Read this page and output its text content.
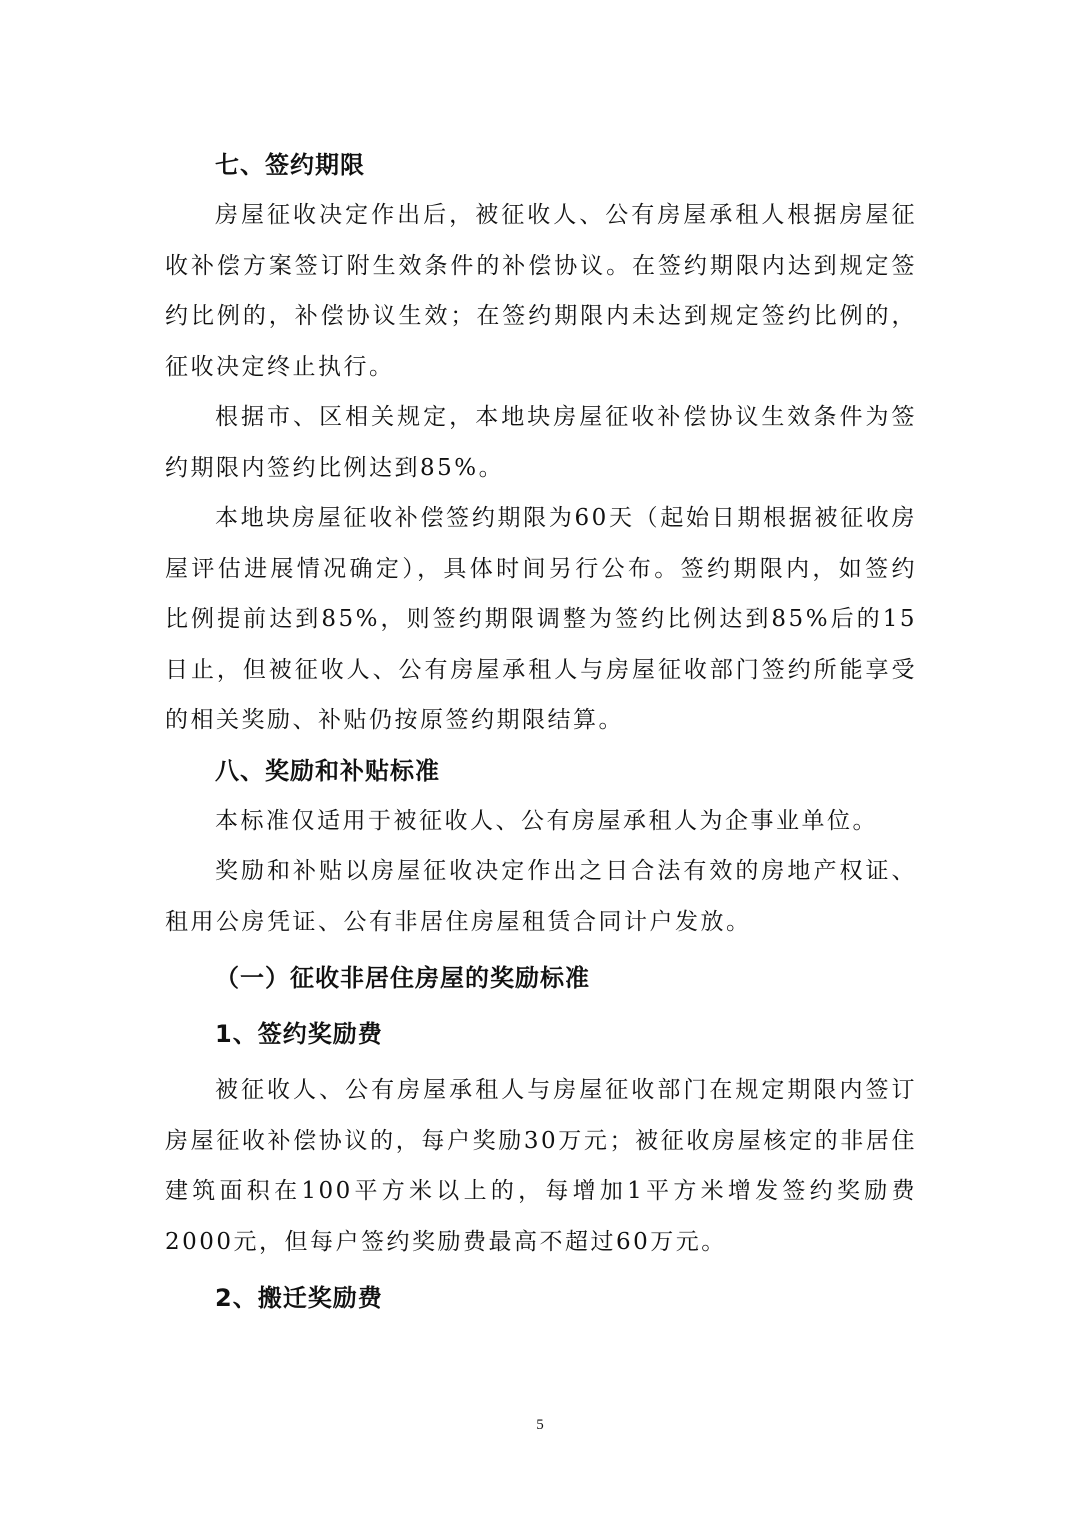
七、签约期限

房屋征收决定作出后，被征收人、公有房屋承租人根据房屋征收补偿方案签订附生效条件的补偿协议。在签约期限内达到规定签约比例的，补偿协议生效；在签约期限内未达到规定签约比例的，征收决定终止执行。

根据市、区相关规定，本地块房屋征收补偿协议生效条件为签约期限内签约比例达到85%。

本地块房屋征收补偿签约期限为60天（起始日期根据被征收房屋评估进展情况确定），具体时间另行公布。签约期限内，如签约比例提前达到85%，则签约期限调整为签约比例达到85%后的15日止，但被征收人、公有房屋承租人与房屋征收部门签约所能享受的相关奖励、补贴仍按原签约期限结算。

八、奖励和补贴标准

本标准仅适用于被征收人、公有房屋承租人为企事业单位。

奖励和补贴以房屋征收决定作出之日合法有效的房地产权证、租用公房凭证、公有非居住房屋租赁合同计户发放。

（一）征收非居住房屋的奖励标准

1、签约奖励费

被征收人、公有房屋承租人与房屋征收部门在规定期限内签订房屋征收补偿协议的，每户奖励30万元；被征收房屋核定的非居住建筑面积在100平方米以上的，每增加1平方米增发签约奖励费2000元，但每户签约奖励费最高不超过60万元。

2、搬迁奖励费

5
